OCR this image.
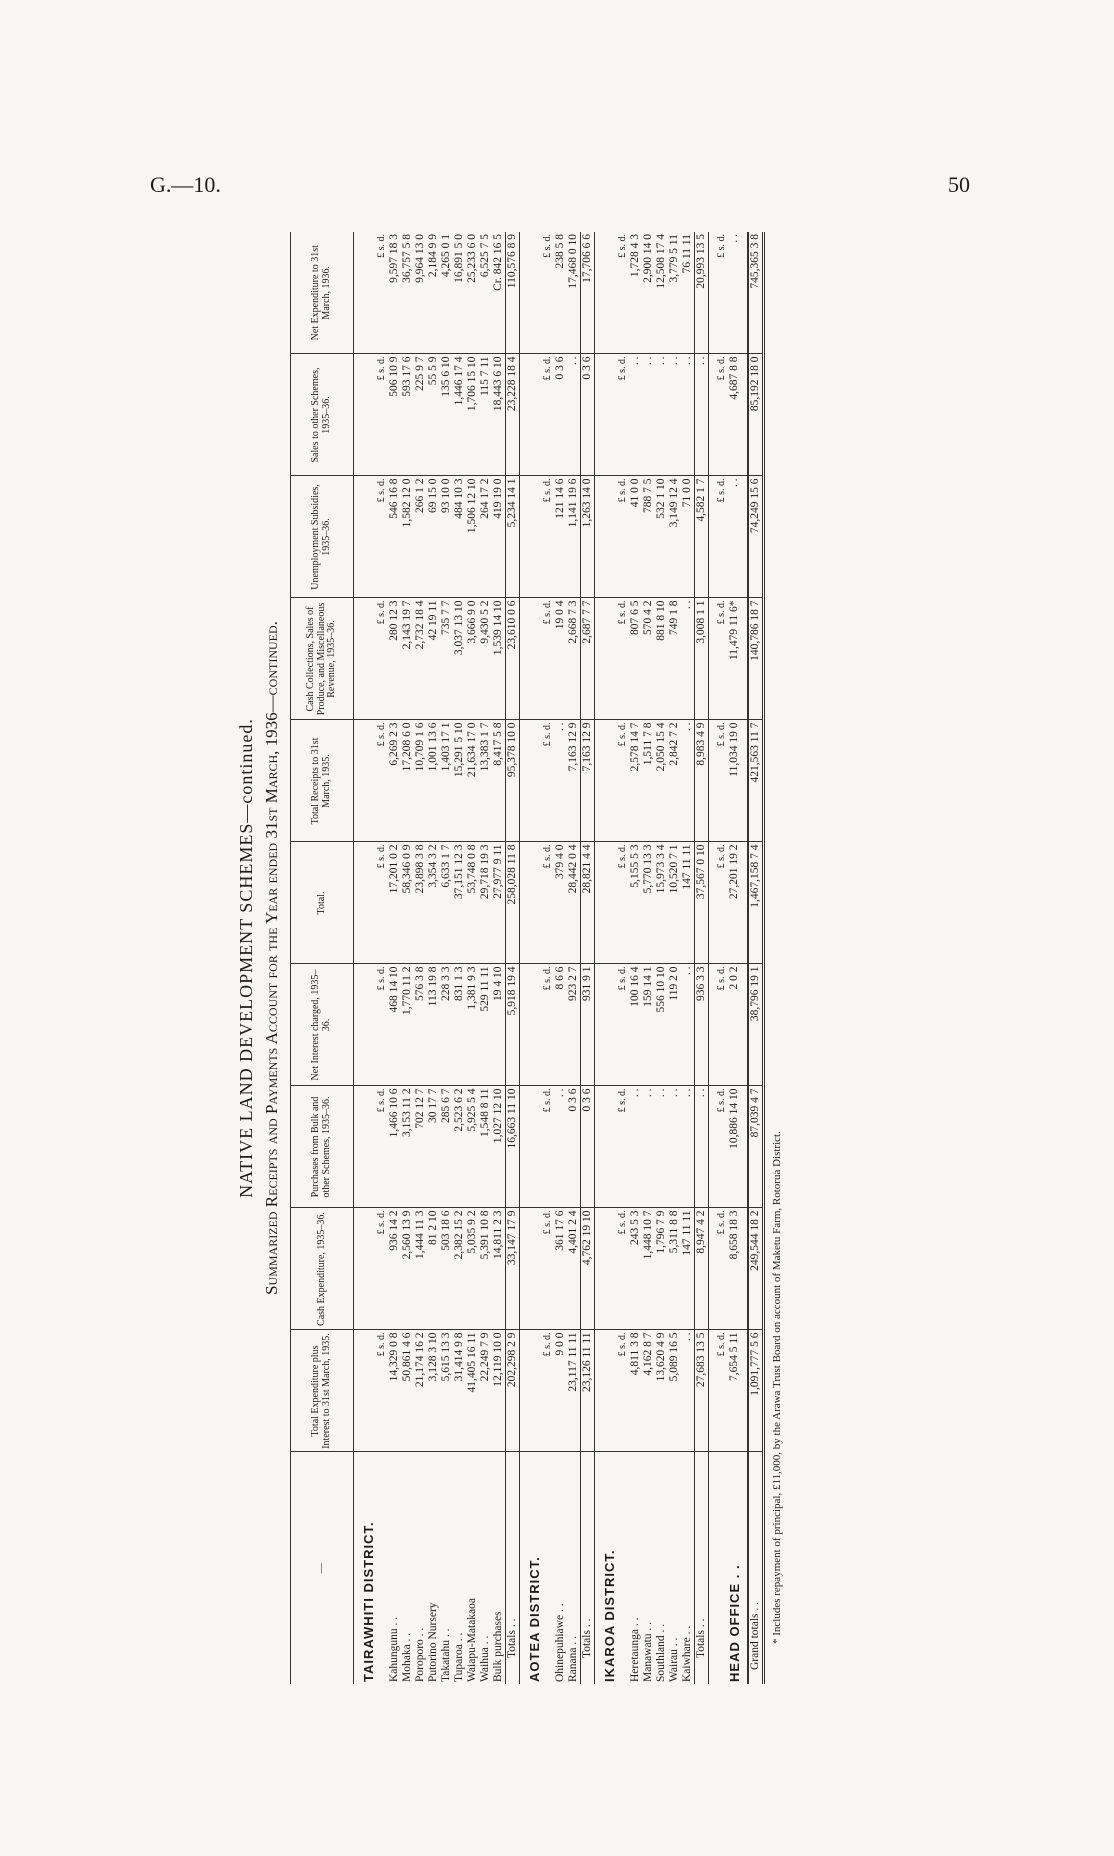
G.—10.	50
NATIVE LAND DEVELOPMENT SCHEMES—continued. Summarized Receipts and Payments Account for the Year ended 31st March, 1936—continued.
—	Total Expenditure plus Interest to 31st March, 1935.	Cash Expenditure, 1935–36.	Purchases from Bulk and other Schemes, 1935–36.	Net Interest charged, 1935–36.	Total.	Total Receipts to 31st March, 1935.	Cash Collections, Sales of Produce, and Miscellaneous Revenue, 1935–36.	Unemployment Subsidies, 1935–36.	Sales to other Schemes, 1935–36.	Net Expenditure to 31st March, 1936.
TAIRAWHITI DISTRICT.										
	£ s. d.	£ s. d.	£ s. d.	£ s. d.	£ s. d.	£ s. d.	£ s. d.	£ s. d.	£ s. d.	£ s. d.
Kahungunu . .	14,329 0 8	936 14 2	1,466 10 6	468 14 10	17,201 0 2	6,269 2 3	280 12 3	546 16 8	506 10 9	9,597 18 3
Mohaka . .	50,861 4 6	2,560 13 9	3,153 11 2	1,770 11 2	58,346 0 9	17,208 6 0	2,143 19 7	1,582 12 0	593 17 6	36,757 5 8
Poroporo . .	21,174 16 2	1,444 11 3	702 12 7	576 3 8	23,898 3 8	10,709 1 6	2,732 18 4	266 1 2	225 9 7	9,964 13 0
Putorino Nursery	3,128 3 10	81 2 10	30 17 7	113 19 8	3,354 3 2	1,001 13 6	42 19 11	69 15 0	55 5 9	2,184 9 9
Takatahu . .	5,615 13 3	503 18 6	285 6 7	228 3 3	6,633 1 7	1,403 17 1	735 7 7	93 10 0	135 6 10	4,265 0 1
Tuparoa . .	31,414 9 8	2,382 15 2	2,523 6 2	831 1 3	37,151 12 3	15,291 5 10	3,037 13 10	484 10 3	1,446 17 4	16,891 5 0
Waiapu-Matakaoa	41,405 16 11	5,035 9 2	5,925 5 4	1,381 9 3	53,748 0 8	21,634 17 0	3,666 9 0	1,506 12 10	1,706 15 10	25,233 6 0
Waihua . .	22,249 7 9	5,391 10 8	1,548 8 11	529 11 11	29,718 19 3	13,383 1 7	9,430 5 2	264 17 2	115 7 11	6,525 7 5
Bulk purchases	12,119 10 0	14,811 2 3	1,027 12 10	19 4 10	27,977 9 11	8,417 5 8	1,539 14 10	419 19 0	18,443 6 10	Cr. 842 16 5
Totals . .	202,298 2 9	33,147 17 9	16,663 11 10	5,918 19 4	258,028 11 8	95,378 10 0	23,610 0 6	5,234 14 1	23,228 18 4	110,576 8 9
AOTEA DISTRICT.										
	£ s. d.	£ s. d.	£ s. d.	£ s. d.	£ s. d.	£ s. d.	£ s. d.	£ s. d.	£ s. d.	£ s. d.
Ohinepuhiawe . .	9 0 0	361 17 6	. .	8 6 6	379 4 0	. .	19 0 4	121 14 6	0 3 6	238 5 8
Ranana . .	23,117 11 11	4,401 2 4	0 3 6	923 2 7	28,442 0 4	7,163 12 9	2,668 7 3	1,141 19 6	. .	17,468 0 10
Totals . .	23,126 11 11	4,762 19 10	0 3 6	931 9 1	28,821 4 4	7,163 12 9	2,687 7 7	1,263 14 0	0 3 6	17,706 6 6
IKAROA DISTRICT.										
	£ s. d.	£ s. d.	£ s. d.	£ s. d.	£ s. d.	£ s. d.	£ s. d.	£ s. d.	£ s. d.	£ s. d.
Heretaunga . .	4,811 3 8	243 5 3	. .	100 16 4	5,155 5 3	2,578 14 7	807 6 5	41 0 0	. .	1,728 4 3
Manawatu . .	4,162 8 7	1,448 10 7	. .	159 14 1	5,770 13 3	1,511 7 8	570 4 2	788 7 5	. .	2,900 14 0
Southland . .	13,620 4 9	1,796 7 9	. .	556 10 10	15,973 3 4	2,050 15 4	881 8 10	532 1 10	. .	12,508 17 4
Wairau . .	5,089 16 5	5,311 8 8	. .	119 2 0	10,520 7 1	2,842 7 2	749 1 8	3,149 12 4	. .	3,779 5 11
Kaiwhare . .	. .	147 11 11	. .	. .	147 11 11	. .	. .	71 0 0	. .	76 11 11
Totals . .	27,683 13 5	8,947 4 2	. .	936 3 3	37,567 0 10	8,983 4 9	3,008 1 1	4,582 1 7	. .	20,993 13 5

	£ s. d.	£ s. d.	£ s. d.	£ s. d.	£ s. d.	£ s. d.	£ s. d.	£ s. d.	£ s. d.	£ s. d.
HEAD OFFICE . .	7,654 5 11	8,658 18 3	10,886 14 10	2 0 2	27,201 19 2	11,034 19 0	11,479 11 6*	. .	4,687 8 8	. .

Grand totals . .	1,091,777 5 6	249,544 18 2	87,039 4 7	38,796 19 1	1,467,158 7 4	421,563 11 7	140,786 18 7	74,249 15 6	85,192 18 0	745,365 3 8
* Includes repayment of principal, £11,000, by the Arawa Trust Board on account of Maketu Farm, Rotorua District.
